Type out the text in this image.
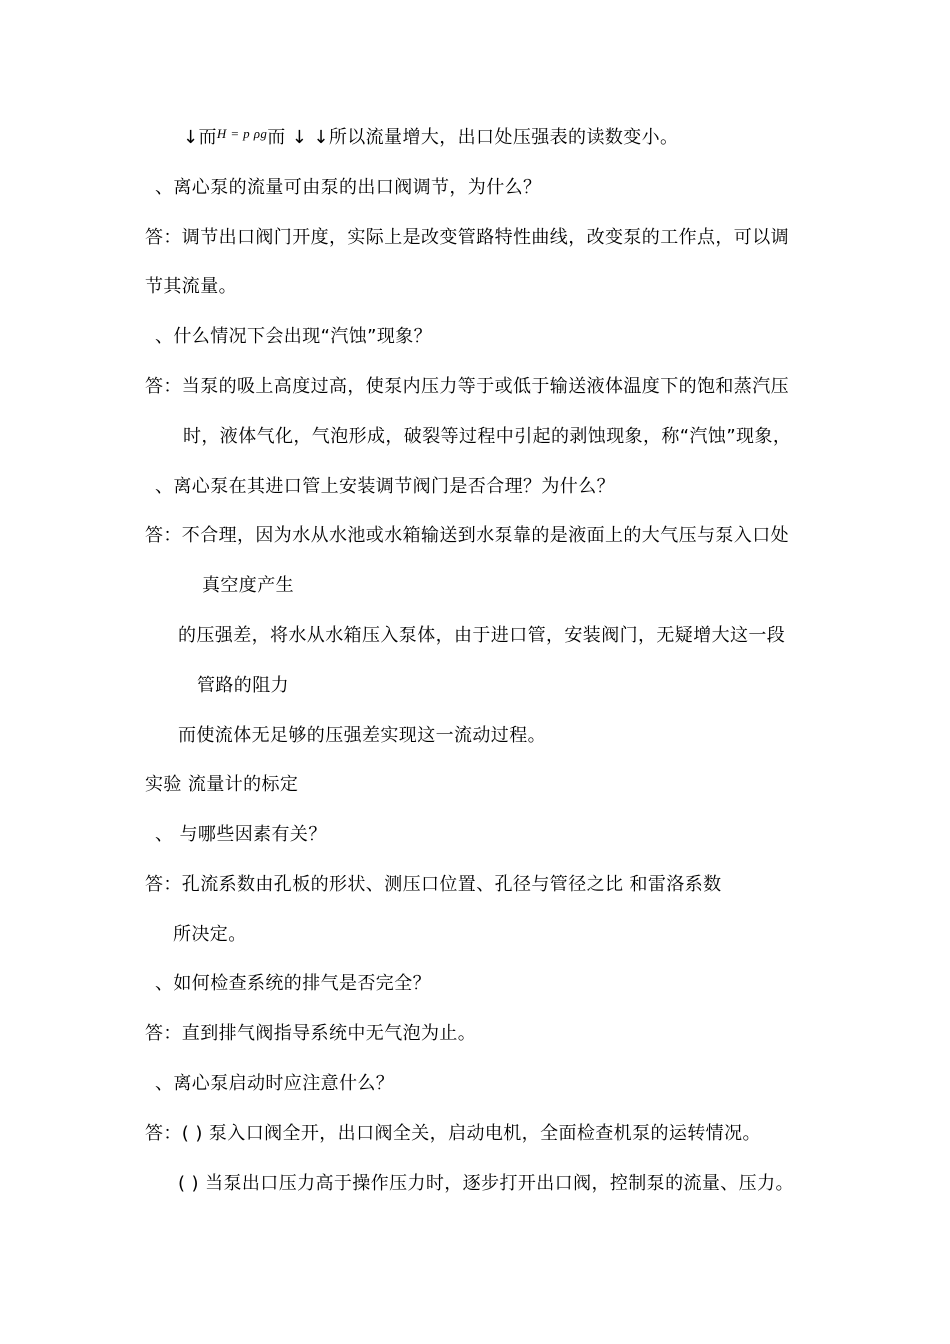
↓而$^{H = p \rho g}$而 ↓ ↓所以流量增大，出口处压强表的读数变小。
、离心泵的流量可由泵的出口阀调节，为什么？
答：调节出口阀门开度，实际上是改变管路特性曲线，改变泵的工作点，可以调
节其流量。
、什么情况下会出现“汽蚀”现象？
答：当泵的吸上高度过高，使泵内压力等于或低于输送液体温度下的饱和蒸汽压
时，液体气化，气泡形成，破裂等过程中引起的剥蚀现象，称“汽蚀”现象，
、离心泵在其进口管上安装调节阀门是否合理？为什么？
答：不合理，因为水从水池或水箱输送到水泵靠的是液面上的大气压与泵入口处
真空度产生
的压强差，将水从水箱压入泵体，由于进口管，安装阀门，无疑增大这一段
管路的阻力
而使流体无足够的压强差实现这一流动过程。
实验 流量计的标定
、 与哪些因素有关？
答：孔流系数由孔板的形状、测压口位置、孔径与管径之比 和雷洛系数
所决定。
、如何检查系统的排气是否完全？
答：直到排气阀指导系统中无气泡为止。
、离心泵启动时应注意什么？
答：( ) 泵入口阀全开，出口阀全关，启动电机，全面检查机泵的运转情况。
( ) 当泵出口压力高于操作压力时，逐步打开出口阀，控制泵的流量、压力。
